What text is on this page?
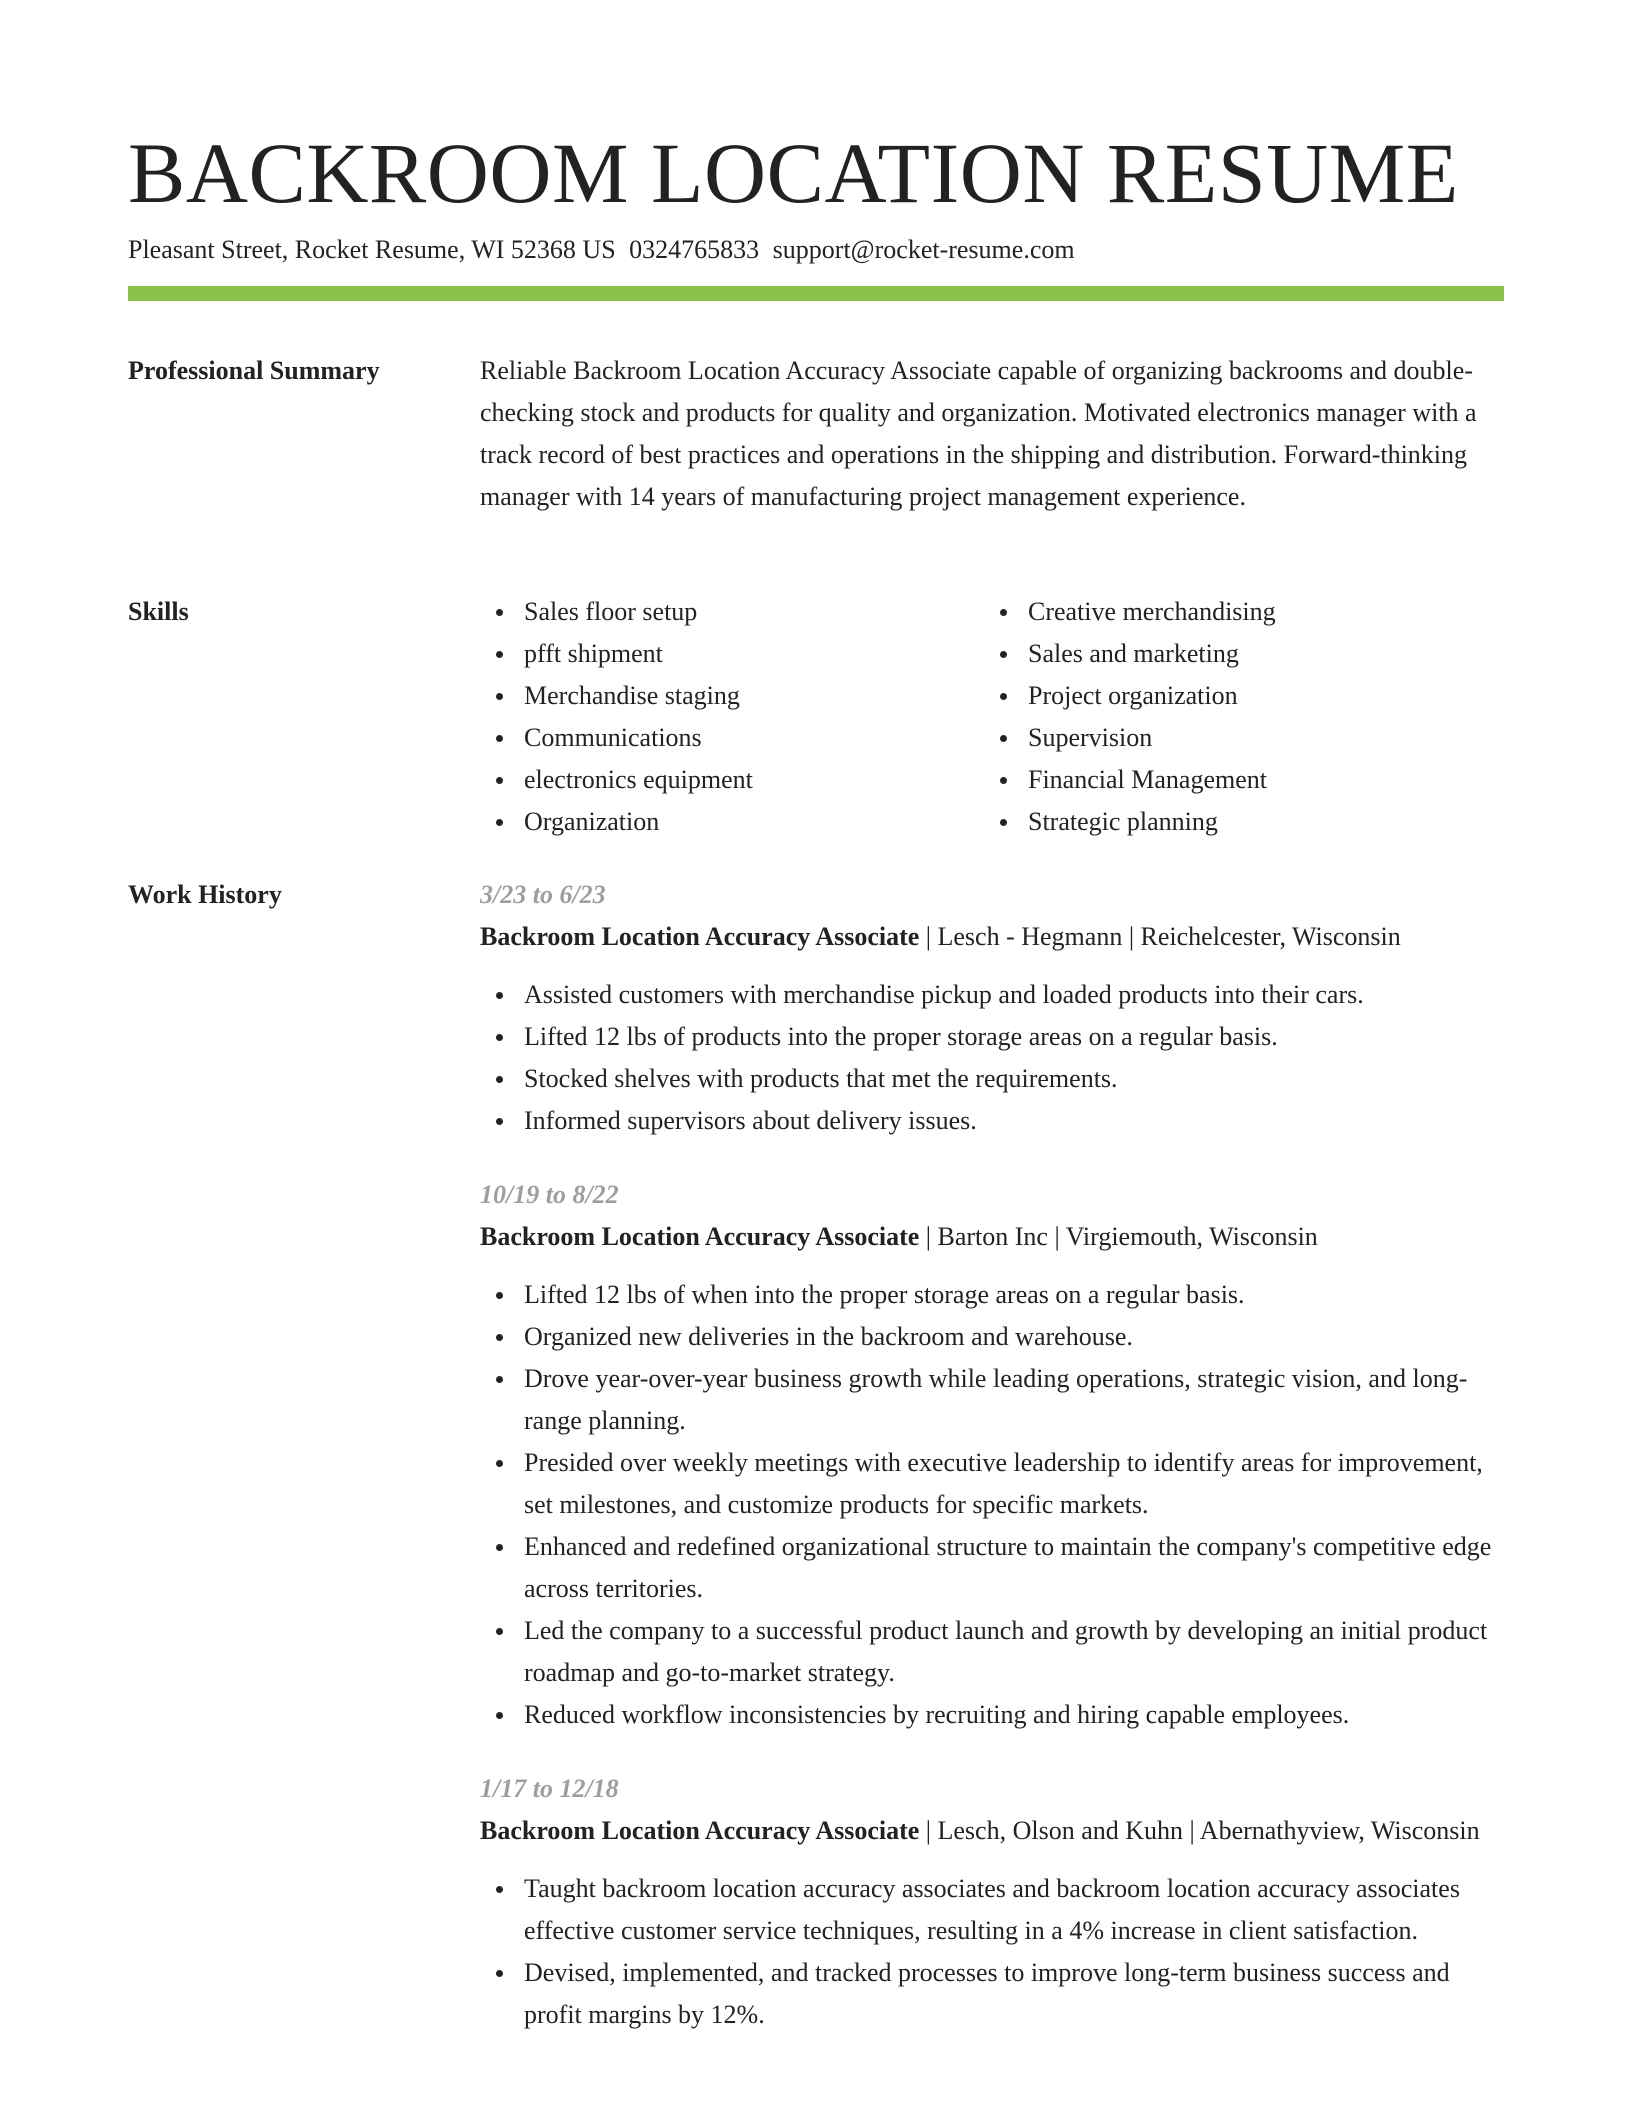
BACKROOM LOCATION RESUME
Pleasant Street, Rocket Resume, WI 52368 US 0324765833 support@rocket-resume.com
Professional Summary	Reliable Backroom Location Accuracy Associate capable of organizing backrooms and double-checking stock and products for quality and organization. Motivated electronics manager with a track record of best practices and operations in the shipping and distribution. Forward-thinking manager with 14 years of manufacturing project management experience.

Skills	Sales floor setup
pfft shipment
Merchandise staging
Communications
electronics equipment
Organization
Creative merchandising
Sales and marketing
Project organization
Supervision
Financial Management
Strategic planning
Work History	3/23 to 6/23
Backroom Location Accuracy Associate | Lesch - Hegmann | Reichelcester, Wisconsin
Assisted customers with merchandise pickup and loaded products into their cars.
Lifted 12 lbs of products into the proper storage areas on a regular basis.
Stocked shelves with products that met the requirements.
Informed supervisors about delivery issues.
10/19 to 8/22
Backroom Location Accuracy Associate | Barton Inc | Virgiemouth, Wisconsin
Lifted 12 lbs of when into the proper storage areas on a regular basis.
Organized new deliveries in the backroom and warehouse.
Drove year-over-year business growth while leading operations, strategic vision, and long-range planning.
Presided over weekly meetings with executive leadership to identify areas for improvement, set milestones, and customize products for specific markets.
Enhanced and redefined organizational structure to maintain the company's competitive edge across territories.
Led the company to a successful product launch and growth by developing an initial product roadmap and go-to-market strategy.
Reduced workflow inconsistencies by recruiting and hiring capable employees.
1/17 to 12/18
Backroom Location Accuracy Associate | Lesch, Olson and Kuhn | Abernathyview, Wisconsin
Taught backroom location accuracy associates and backroom location accuracy associates effective customer service techniques, resulting in a 4% increase in client satisfaction.
Devised, implemented, and tracked processes to improve long-term business success and profit margins by 12%.
